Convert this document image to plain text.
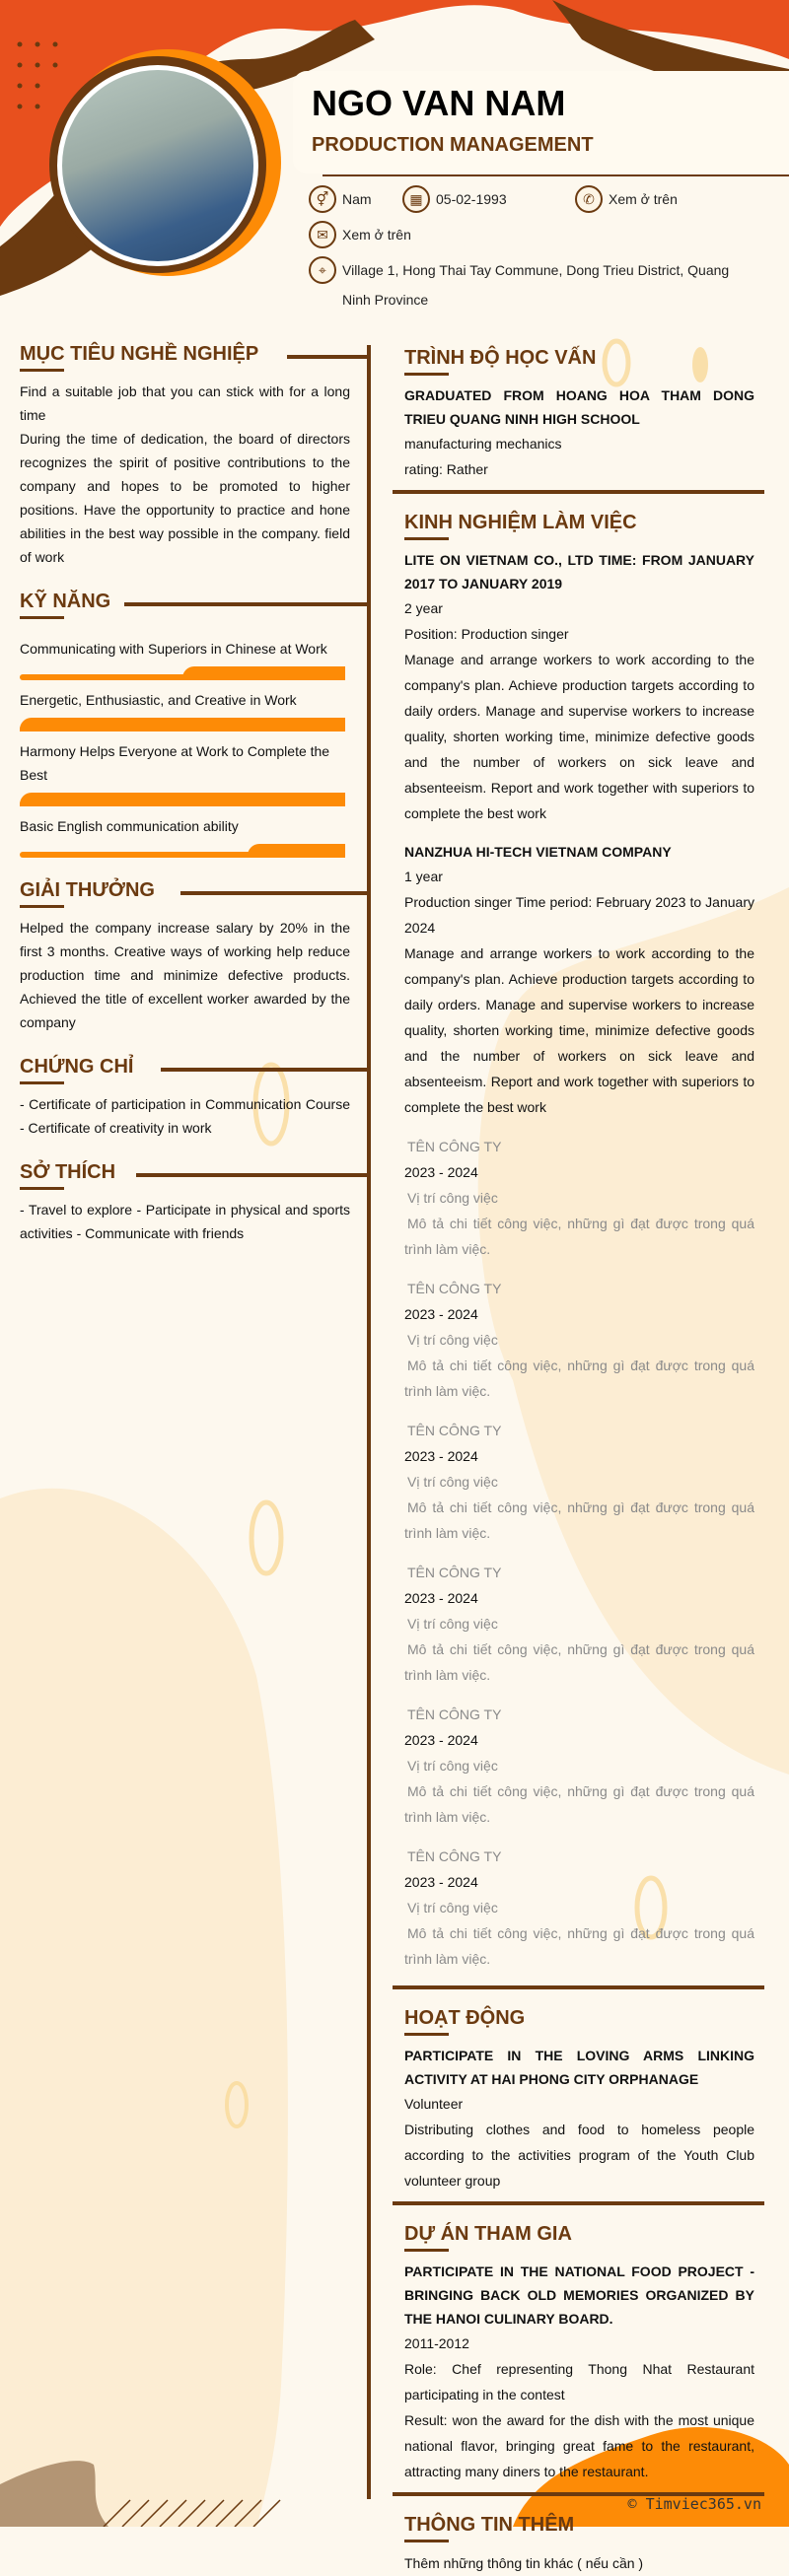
NGO VAN NAM
PRODUCTION MANAGEMENT
⚥ Nam	▦ 05-02-1993	✆	Xem ở trên
✉	Xem ở trên
⌖	Village 1, Hong Thai Tay Commune, Dong Trieu District, Quang Ninh Province
MỤC TIÊU NGHỀ NGHIỆP
Find a suitable job that you can stick with for a long time
During the time of dedication, the board of directors recognizes the spirit of positive contributions to the company and hopes to be promoted to higher positions. Have the opportunity to practice and hone abilities in the best way possible in the company. field of work
KỸ NĂNG
Communicating with Superiors in Chinese at Work
Energetic, Enthusiastic, and Creative in Work
Harmony Helps Everyone at Work to Complete the Best
Basic English communication ability
GIẢI THƯỞNG
Helped the company increase salary by 20% in the first 3 months. Creative ways of working help reduce production time and minimize defective products. Achieved the title of excellent worker awarded by the company
CHỨNG CHỈ
- Certificate of participation in Communication Course - Certificate of creativity in work
SỞ THÍCH
- Travel to explore - Participate in physical and sports activities - Communicate with friends
TRÌNH ĐỘ HỌC VẤN
GRADUATED FROM HOANG HOA THAM DONG TRIEU QUANG NINH HIGH SCHOOL
manufacturing mechanics
rating: Rather
KINH NGHIỆM LÀM VIỆC
LITE ON VIETNAM CO., LTD TIME: FROM JANUARY 2017 TO JANUARY 2019
2 year
Position: Production singer
Manage and arrange workers to work according to the company's plan. Achieve production targets according to daily orders. Manage and supervise workers to increase quality, shorten working time, minimize defective goods and the number of workers on sick leave and absenteeism. Report and work together with superiors to complete the best work
NANZHUA HI-TECH VIETNAM COMPANY
1 year
Production singer Time period: February 2023 to January 2024
Manage and arrange workers to work according to the company's plan. Achieve production targets according to daily orders. Manage and supervise workers to increase quality, shorten working time, minimize defective goods and the number of workers on sick leave and absenteeism. Report and work together with superiors to complete the best work
TÊN CÔNG TY
2023 - 2024
Vị trí công việc
Mô tả chi tiết công việc, những gì đạt được trong quá trình làm việc.
TÊN CÔNG TY
2023 - 2024
Vị trí công việc
Mô tả chi tiết công việc, những gì đạt được trong quá trình làm việc.
TÊN CÔNG TY
2023 - 2024
Vị trí công việc
Mô tả chi tiết công việc, những gì đạt được trong quá trình làm việc.
TÊN CÔNG TY
2023 - 2024
Vị trí công việc
Mô tả chi tiết công việc, những gì đạt được trong quá trình làm việc.
TÊN CÔNG TY
2023 - 2024
Vị trí công việc
Mô tả chi tiết công việc, những gì đạt được trong quá trình làm việc.
TÊN CÔNG TY
2023 - 2024
Vị trí công việc
Mô tả chi tiết công việc, những gì đạt được trong quá trình làm việc.
HOẠT ĐỘNG
PARTICIPATE IN THE LOVING ARMS LINKING ACTIVITY AT HAI PHONG CITY ORPHANAGE
Volunteer
Distributing clothes and food to homeless people according to the activities program of the Youth Club volunteer group
DỰ ÁN THAM GIA
PARTICIPATE IN THE NATIONAL FOOD PROJECT - BRINGING BACK OLD MEMORIES ORGANIZED BY THE HANOI CULINARY BOARD.
2011-2012
Role: Chef representing Thong Nhat Restaurant participating in the contest
Result: won the award for the dish with the most unique national flavor, bringing great fame to the restaurant, attracting many diners to the restaurant.
THÔNG TIN THÊM
Thêm những thông tin khác ( nếu cần )
© Timviec365.vn
